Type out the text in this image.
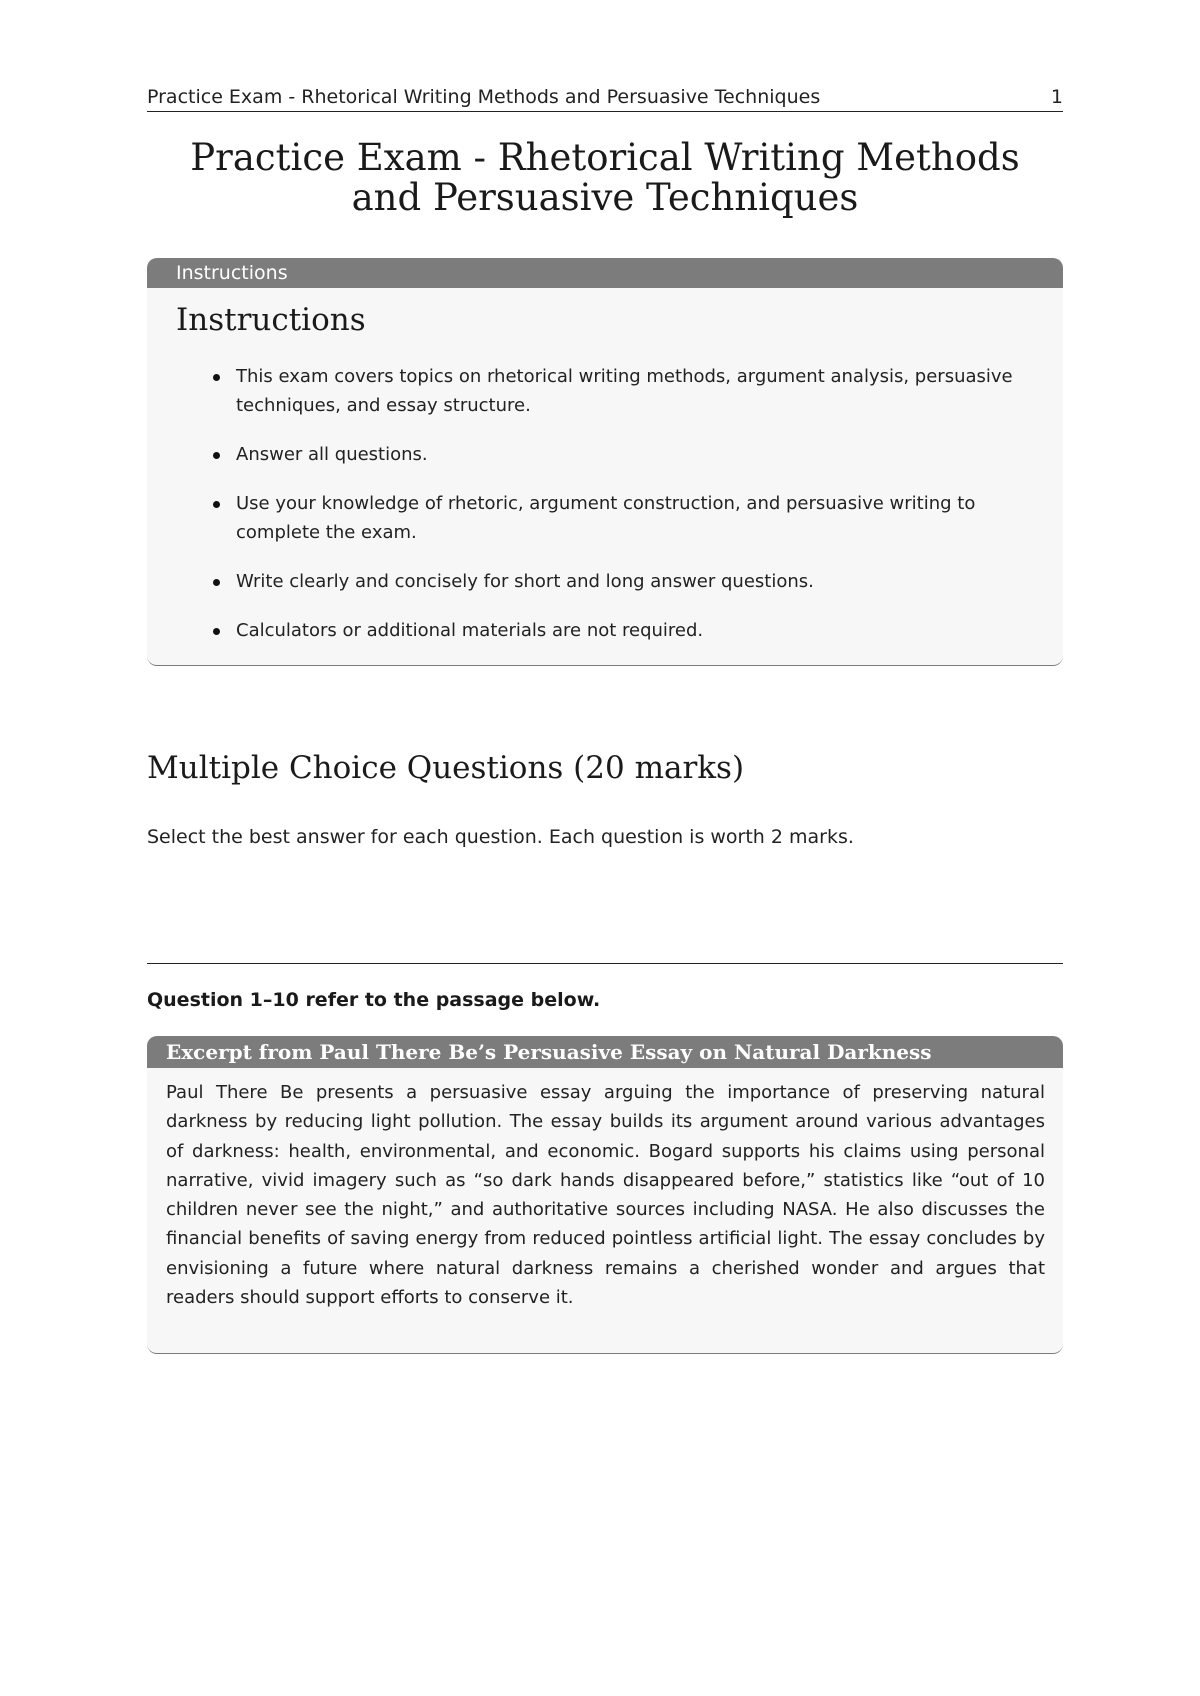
Practice Exam - Rhetorical Writing Methods and Persuasive Techniques	1
Practice Exam - Rhetorical Writing Methods
and Persuasive Techniques
Instructions
Instructions
This exam covers topics on rhetorical writing methods, argument analysis, persuasive techniques, and essay structure.
Answer all questions.
Use your knowledge of rhetoric, argument construction, and persuasive writing to complete the exam.
Write clearly and concisely for short and long answer questions.
Calculators or additional materials are not required.
Multiple Choice Questions (20 marks)

Select the best answer for each question. Each question is worth 2 marks.

Question 1–10 refer to the passage below.

Excerpt from Paul There Be’s Persuasive Essay on Natural Darkness

Paul There Be presents a persuasive essay arguing the importance of preserving natural darkness by reducing light pollution. The essay builds its argument around various advantages of darkness: health, environmental, and economic. Bogard supports his claims using personal narrative, vivid imagery such as “so dark hands disappeared before,” statistics like “out of 10 children never see the night,” and authoritative sources including NASA. He also discusses the financial benefits of saving energy from reduced pointless artificial light. The essay concludes by envisioning a future where natural darkness remains a cherished wonder and argues that readers should support efforts to conserve it.
